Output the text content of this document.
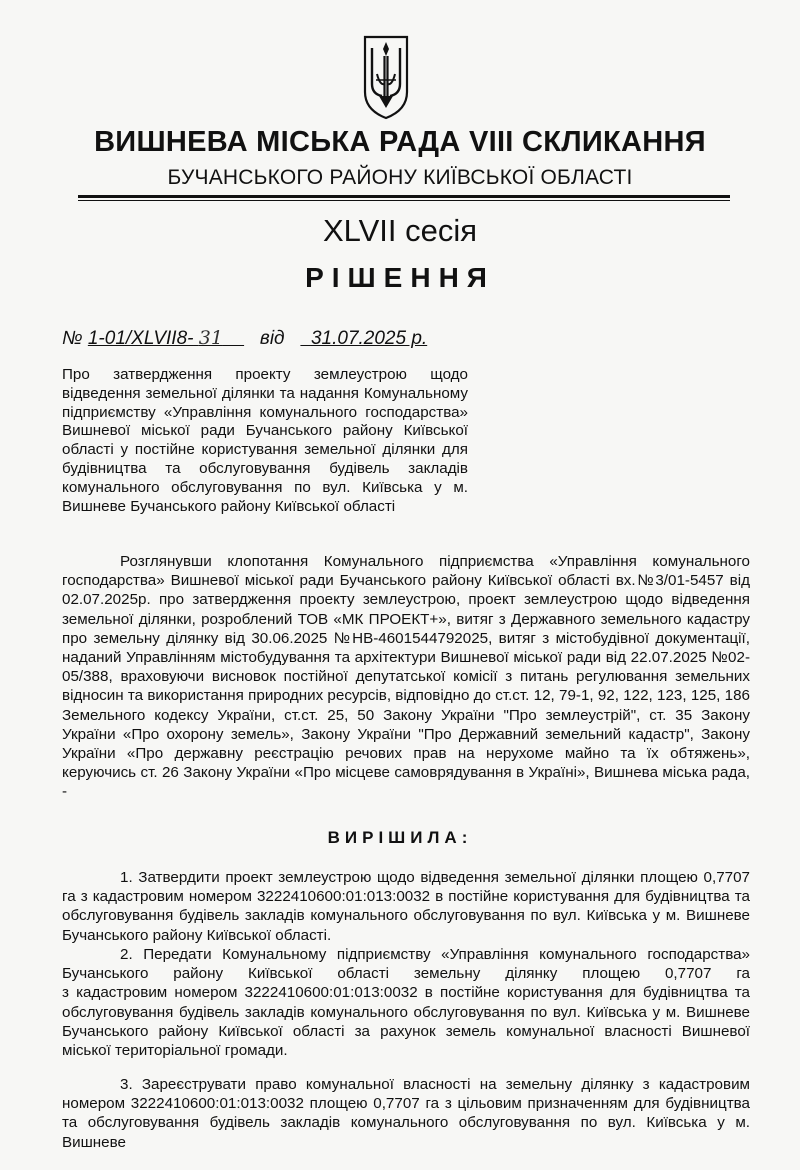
ВИШНЕВА МІСЬКА РАДА VIII СКЛИКАННЯ
БУЧАНСЬКОГО РАЙОНУ КИЇВСЬКОЇ ОБЛАСТІ
XLVII сесія
РІШЕННЯ
№ 1-01/XLVII8- 31 від 31.07.2025 р.
Про затвердження проекту землеустрою щодо відведення земельної ділянки та надання Комунальному підприємству «Управління комунального господарства» Вишневої міської ради Бучанського району Київської області у постійне користування земельної ділянки для будівництва та обслуговування будівель закладів комунального обслуговування по вул. Київська у м. Вишневе Бучанського району Київської області
Розглянувши клопотання Комунального підприємства «Управління комунального господарства» Вишневої міської ради Бучанського району Київської області вх.№3/01-5457 від 02.07.2025р. про затвердження проекту землеустрою, проект землеустрою щодо відведення земельної ділянки, розроблений ТОВ «МК ПРОЕКТ+», витяг з Державного земельного кадастру про земельну ділянку від 30.06.2025 №НВ-4601544792025, витяг з містобудівної документації, наданий Управлінням містобудування та архітектури Вишневої міської ради від 22.07.2025 №02-05/388, враховуючи висновок постійної депутатської комісії з питань регулювання земельних відносин та використання природних ресурсів, відповідно до ст.ст. 12, 79-1, 92, 122, 123, 125, 186 Земельного кодексу України, ст.ст. 25, 50 Закону України "Про землеустрій", ст. 35 Закону України «Про охорону земель», Закону України "Про Державний земельний кадастр", Закону України «Про державну реєстрацію речових прав на нерухоме майно та їх обтяжень», керуючись ст. 26 Закону України «Про місцеве самоврядування в Україні», Вишнева міська рада, -
ВИРІШИЛА:
1. Затвердити проект землеустрою щодо відведення земельної ділянки площею 0,7707 га з кадастровим номером 3222410600:01:013:0032 в постійне користування для будівництва та обслуговування будівель закладів комунального обслуговування по вул. Київська у м. Вишневе Бучанського району Київської області.
2. Передати Комунальному підприємству «Управління комунального господарства»
Бучанського району Київської області земельну ділянку площею 0,7707 га
з кадастровим номером 3222410600:01:013:0032 в постійне користування для будівництва та обслуговування будівель закладів комунального обслуговування по вул. Київська у м. Вишневе Бучанського району Київської області за рахунок земель комунальної власності Вишневої міської територіальної громади.
3. Зареєструвати право комунальної власності на земельну ділянку з кадастровим номером 3222410600:01:013:0032 площею 0,7707 га з цільовим призначенням для будівництва та обслуговування будівель закладів комунального обслуговування по вул. Київська у м. Вишневе
